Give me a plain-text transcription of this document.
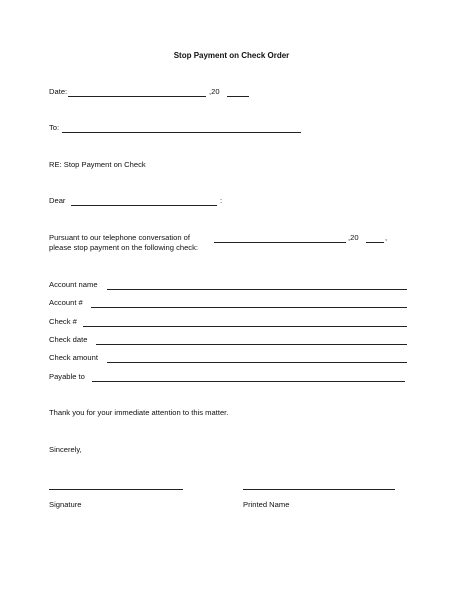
Stop Payment on Check Order
Date:	,20
To:
RE: Stop Payment on Check
Dear	:
Pursuant to our telephone conversation of	,20	,
please stop payment on the following check:
Account name
Account #
Check #
Check date
Check amount
Payable to
Thank you for your immediate attention to this matter.
Sincerely,
Signature	Printed Name
